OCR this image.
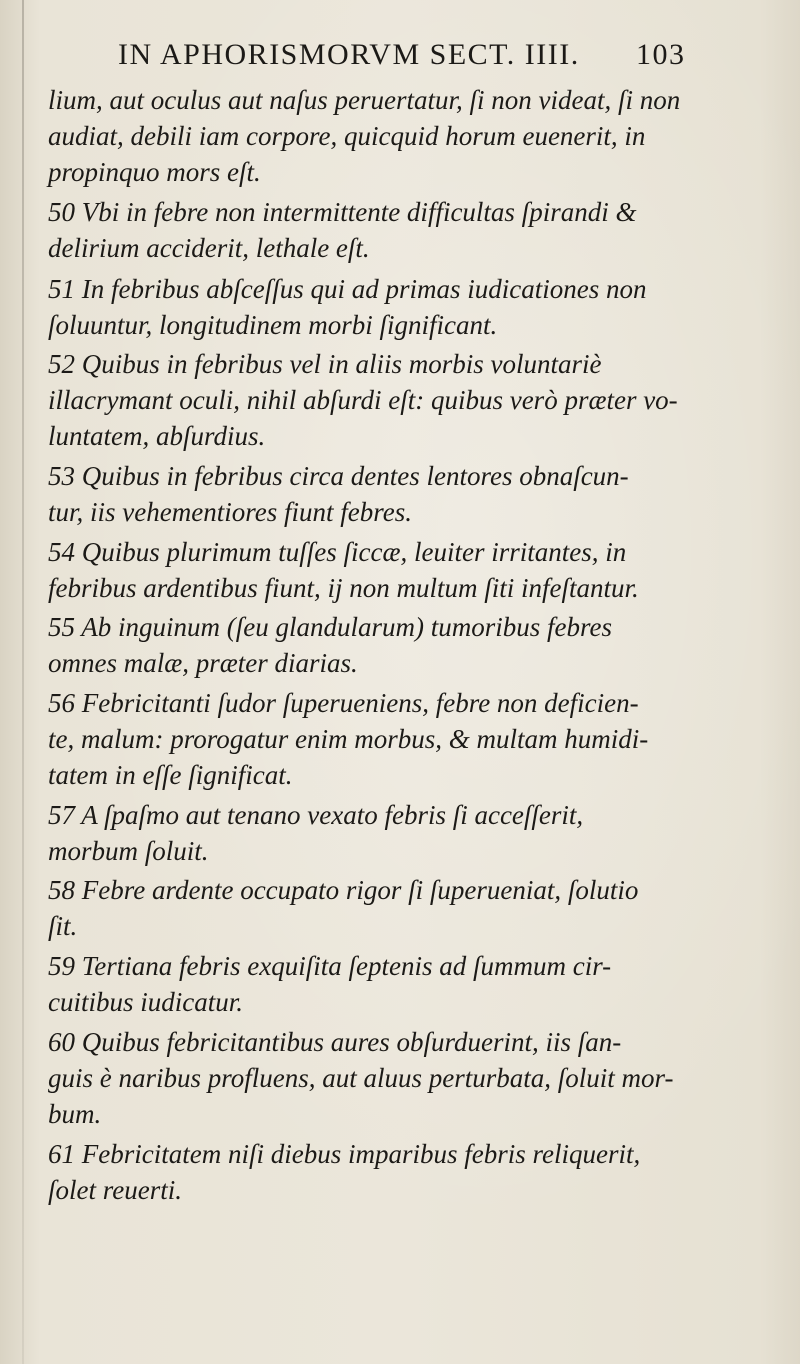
IN APHORISMORVM SECT. IIII. 103
lium, aut oculus aut naſus peruertatur, ſi non videat, ſi non
audiat, debili iam corpore, quicquid horum euenerit, in
propinquo mors eſt.
50 Vbi in febre non intermittente difficultas ſpirandi &
delirium acciderit, lethale eſt.
51 In febribus abſceſſus qui ad primas iudicationes non
ſoluuntur, longitudinem morbi ſignificant.
52 Quibus in febribus vel in aliis morbis voluntariè
illacrymant oculi, nihil abſurdi eſt: quibus verò præter vo-
luntatem, abſurdius.
53 Quibus in febribus circa dentes lentores obnaſcun-
tur, iis vehementiores fiunt febres.
54 Quibus plurimum tuſſes ſiccæ, leuiter irritantes, in
febribus ardentibus fiunt, ij non multum ſiti infeſtantur.
55 Ab inguinum (ſeu glandularum) tumoribus febres
omnes malæ, præter diarias.
56 Febricitanti ſudor ſuperueniens, febre non deficien-
te, malum: prorogatur enim morbus, & multam humidi-
tatem in eſſe ſignificat.
57 A ſpaſmo aut tenano vexato febris ſi acceſſerit,
morbum ſoluit.
58 Febre ardente occupato rigor ſi ſuperueniat, ſolutio
ſit.
59 Tertiana febris exquiſita ſeptenis ad ſummum cir-
cuitibus iudicatur.
60 Quibus febricitantibus aures obſurduerint, iis ſan-
guis è naribus profluens, aut aluus perturbata, ſoluit mor-
bum.
61 Febricitatem niſi diebus imparibus febris reliquerit,
ſolet reuerti.
